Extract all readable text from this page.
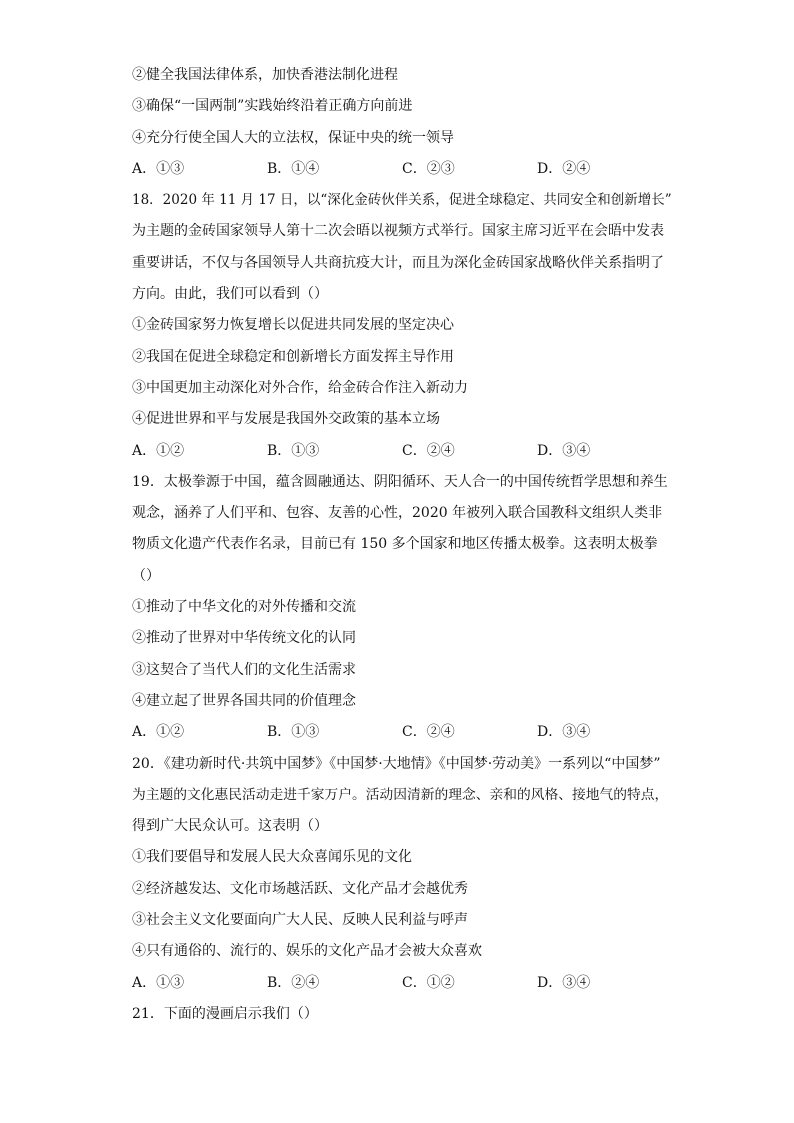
②健全我国法律体系，加快香港法制化进程
③确保“一国两制”实践始终沿着正确方向前进
④充分行使全国人大的立法权，保证中央的统一领导
A．①③	B．①④	C．②③	D．②④
18．2020 年 11 月 17 日，以“深化金砖伙伴关系，促进全球稳定、共同安全和创新增长”
为主题的金砖国家领导人第十二次会晤以视频方式举行。国家主席习近平在会晤中发表
重要讲话，不仅与各国领导人共商抗疫大计，而且为深化金砖国家战略伙伴关系指明了
方向。由此，我们可以看到（）
①金砖国家努力恢复增长以促进共同发展的坚定决心
②我国在促进全球稳定和创新增长方面发挥主导作用
③中国更加主动深化对外合作，给金砖合作注入新动力
④促进世界和平与发展是我国外交政策的基本立场
A．①②	B．①③	C．②④	D．③④
19．太极拳源于中国，蕴含圆融通达、阴阳循环、天人合一的中国传统哲学思想和养生
观念，涵养了人们平和、包容、友善的心性，2020 年被列入联合国教科文组织人类非
物质文化遗产代表作名录，目前已有 150 多个国家和地区传播太极拳。这表明太极拳
（）
①推动了中华文化的对外传播和交流
②推动了世界对中华传统文化的认同
③这契合了当代人们的文化生活需求
④建立起了世界各国共同的价值理念
A．①②	B．①③	C．②④	D．③④
20．《建功新时代·共筑中国梦》《中国梦·大地情》《中国梦·劳动美》一系列以“中国梦”
为主题的文化惠民活动走进千家万户。活动因清新的理念、亲和的风格、接地气的特点，
得到广大民众认可。这表明（）
①我们要倡导和发展人民大众喜闻乐见的文化
②经济越发达、文化市场越活跃、文化产品才会越优秀
③社会主义文化要面向广大人民、反映人民利益与呼声
④只有通俗的、流行的、娱乐的文化产品才会被大众喜欢
A．①③	B．②④	C．①②	D．③④
21．下面的漫画启示我们（）
